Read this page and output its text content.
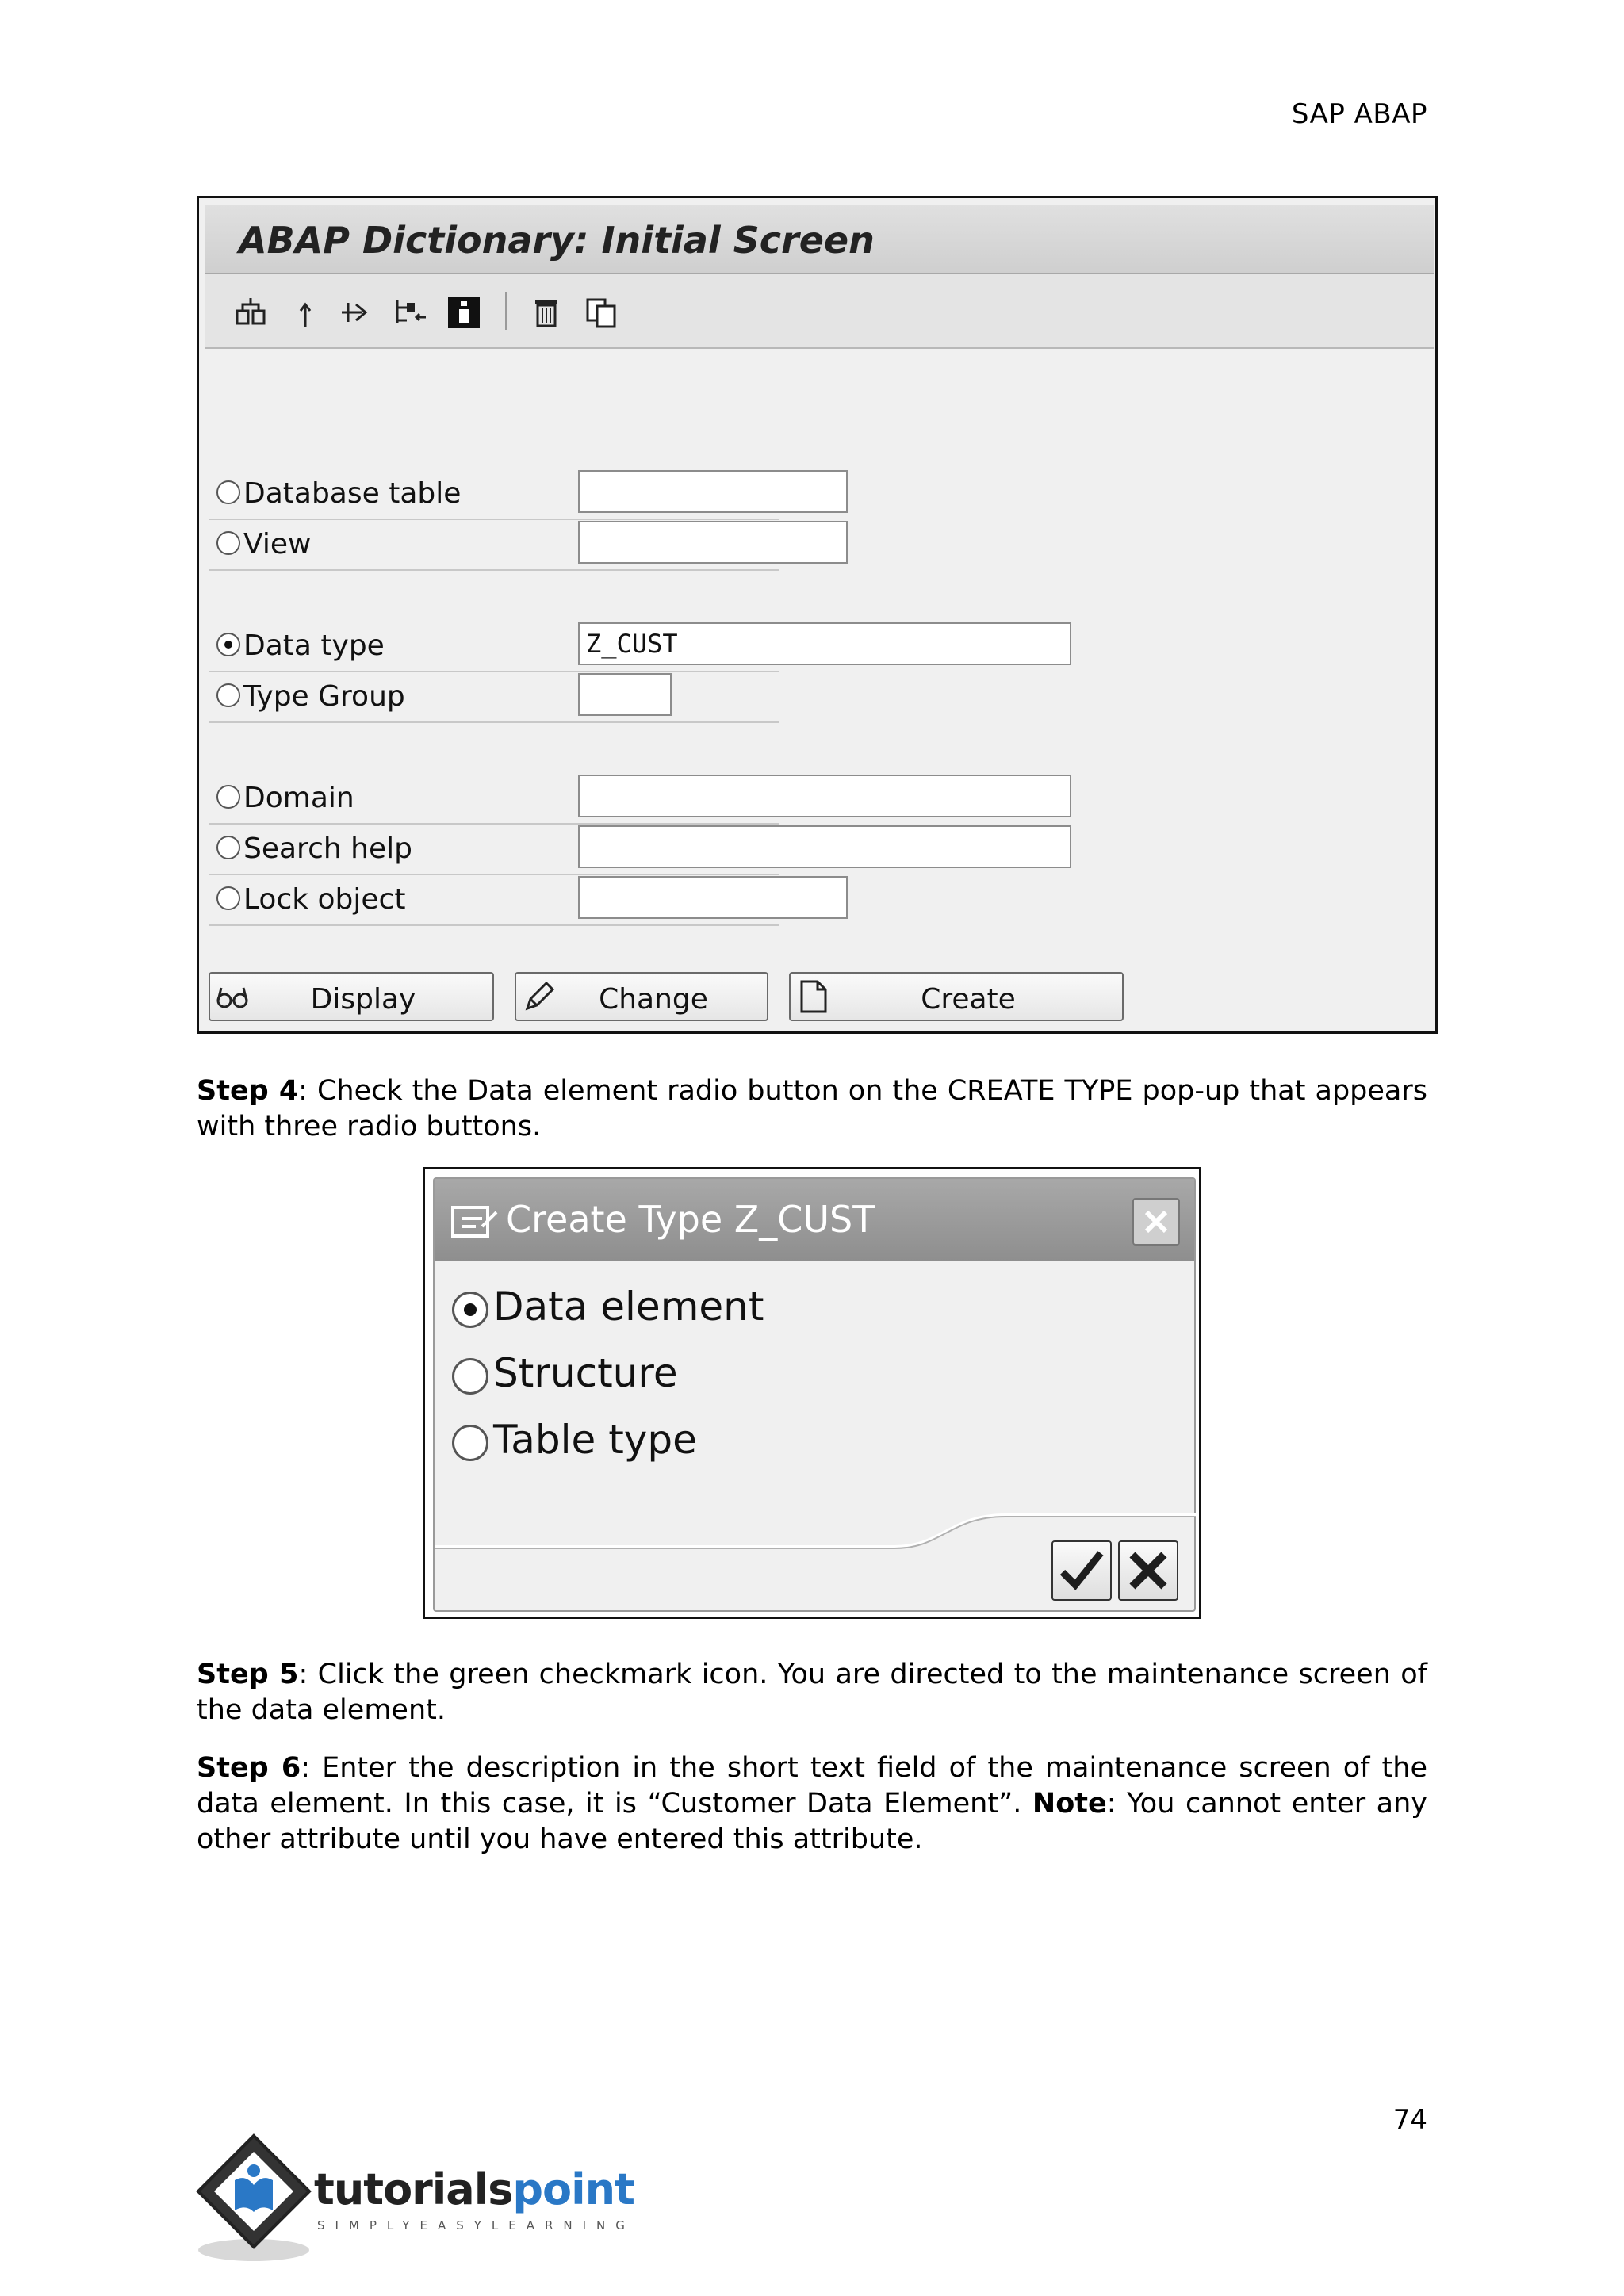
SAP ABAP
ABAP Dictionary: Initial Screen
Database table
View
Data type	Z_CUST
Type Group
Domain
Search help
Lock object
Display	Change	Create
Step 4: Check the Data element radio button on the CREATE TYPE pop-up that appears with three radio buttons.
Create Type Z_CUST
Data element
Structure
Table type
Step 5: Click the green checkmark icon. You are directed to the maintenance screen of the data element.
Step 6: Enter the description in the short text field of the maintenance screen of the data element. In this case, it is “Customer Data Element”. Note: You cannot enter any other attribute until you have entered this attribute.
74
tutorialspoint
SIMPLYEASYLEARNING
